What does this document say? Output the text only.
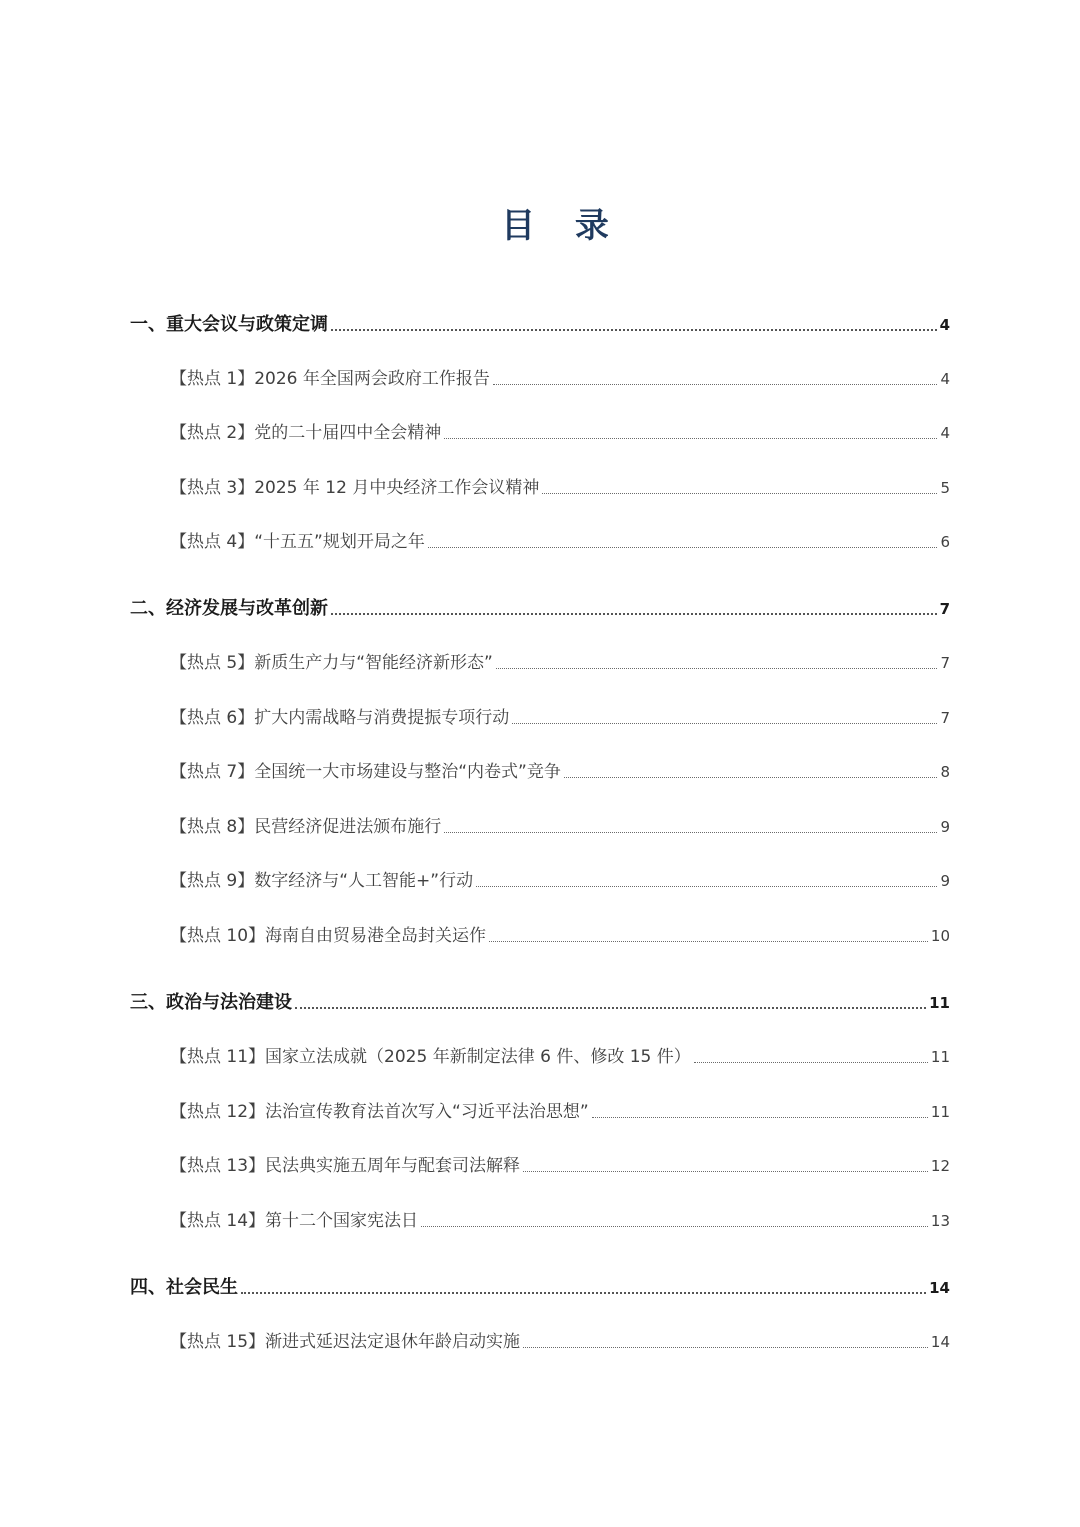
目 录
一、重大会议与政策定调	4
【热点 1】2026 年全国两会政府工作报告	4
【热点 2】党的二十届四中全会精神	4
【热点 3】2025 年 12 月中央经济工作会议精神	5
【热点 4】“十五五”规划开局之年	6
二、经济发展与改革创新	7
【热点 5】新质生产力与“智能经济新形态”	7
【热点 6】扩大内需战略与消费提振专项行动	7
【热点 7】全国统一大市场建设与整治“内卷式”竞争	8
【热点 8】民营经济促进法颁布施行	9
【热点 9】数字经济与“人工智能+”行动	9
【热点 10】海南自由贸易港全岛封关运作	10
三、政治与法治建设	11
【热点 11】国家立法成就（2025 年新制定法律 6 件、修改 15 件）	11
【热点 12】法治宣传教育法首次写入“习近平法治思想”	11
【热点 13】民法典实施五周年与配套司法解释	12
【热点 14】第十二个国家宪法日	13
四、社会民生	14
【热点 15】渐进式延迟法定退休年龄启动实施	14
